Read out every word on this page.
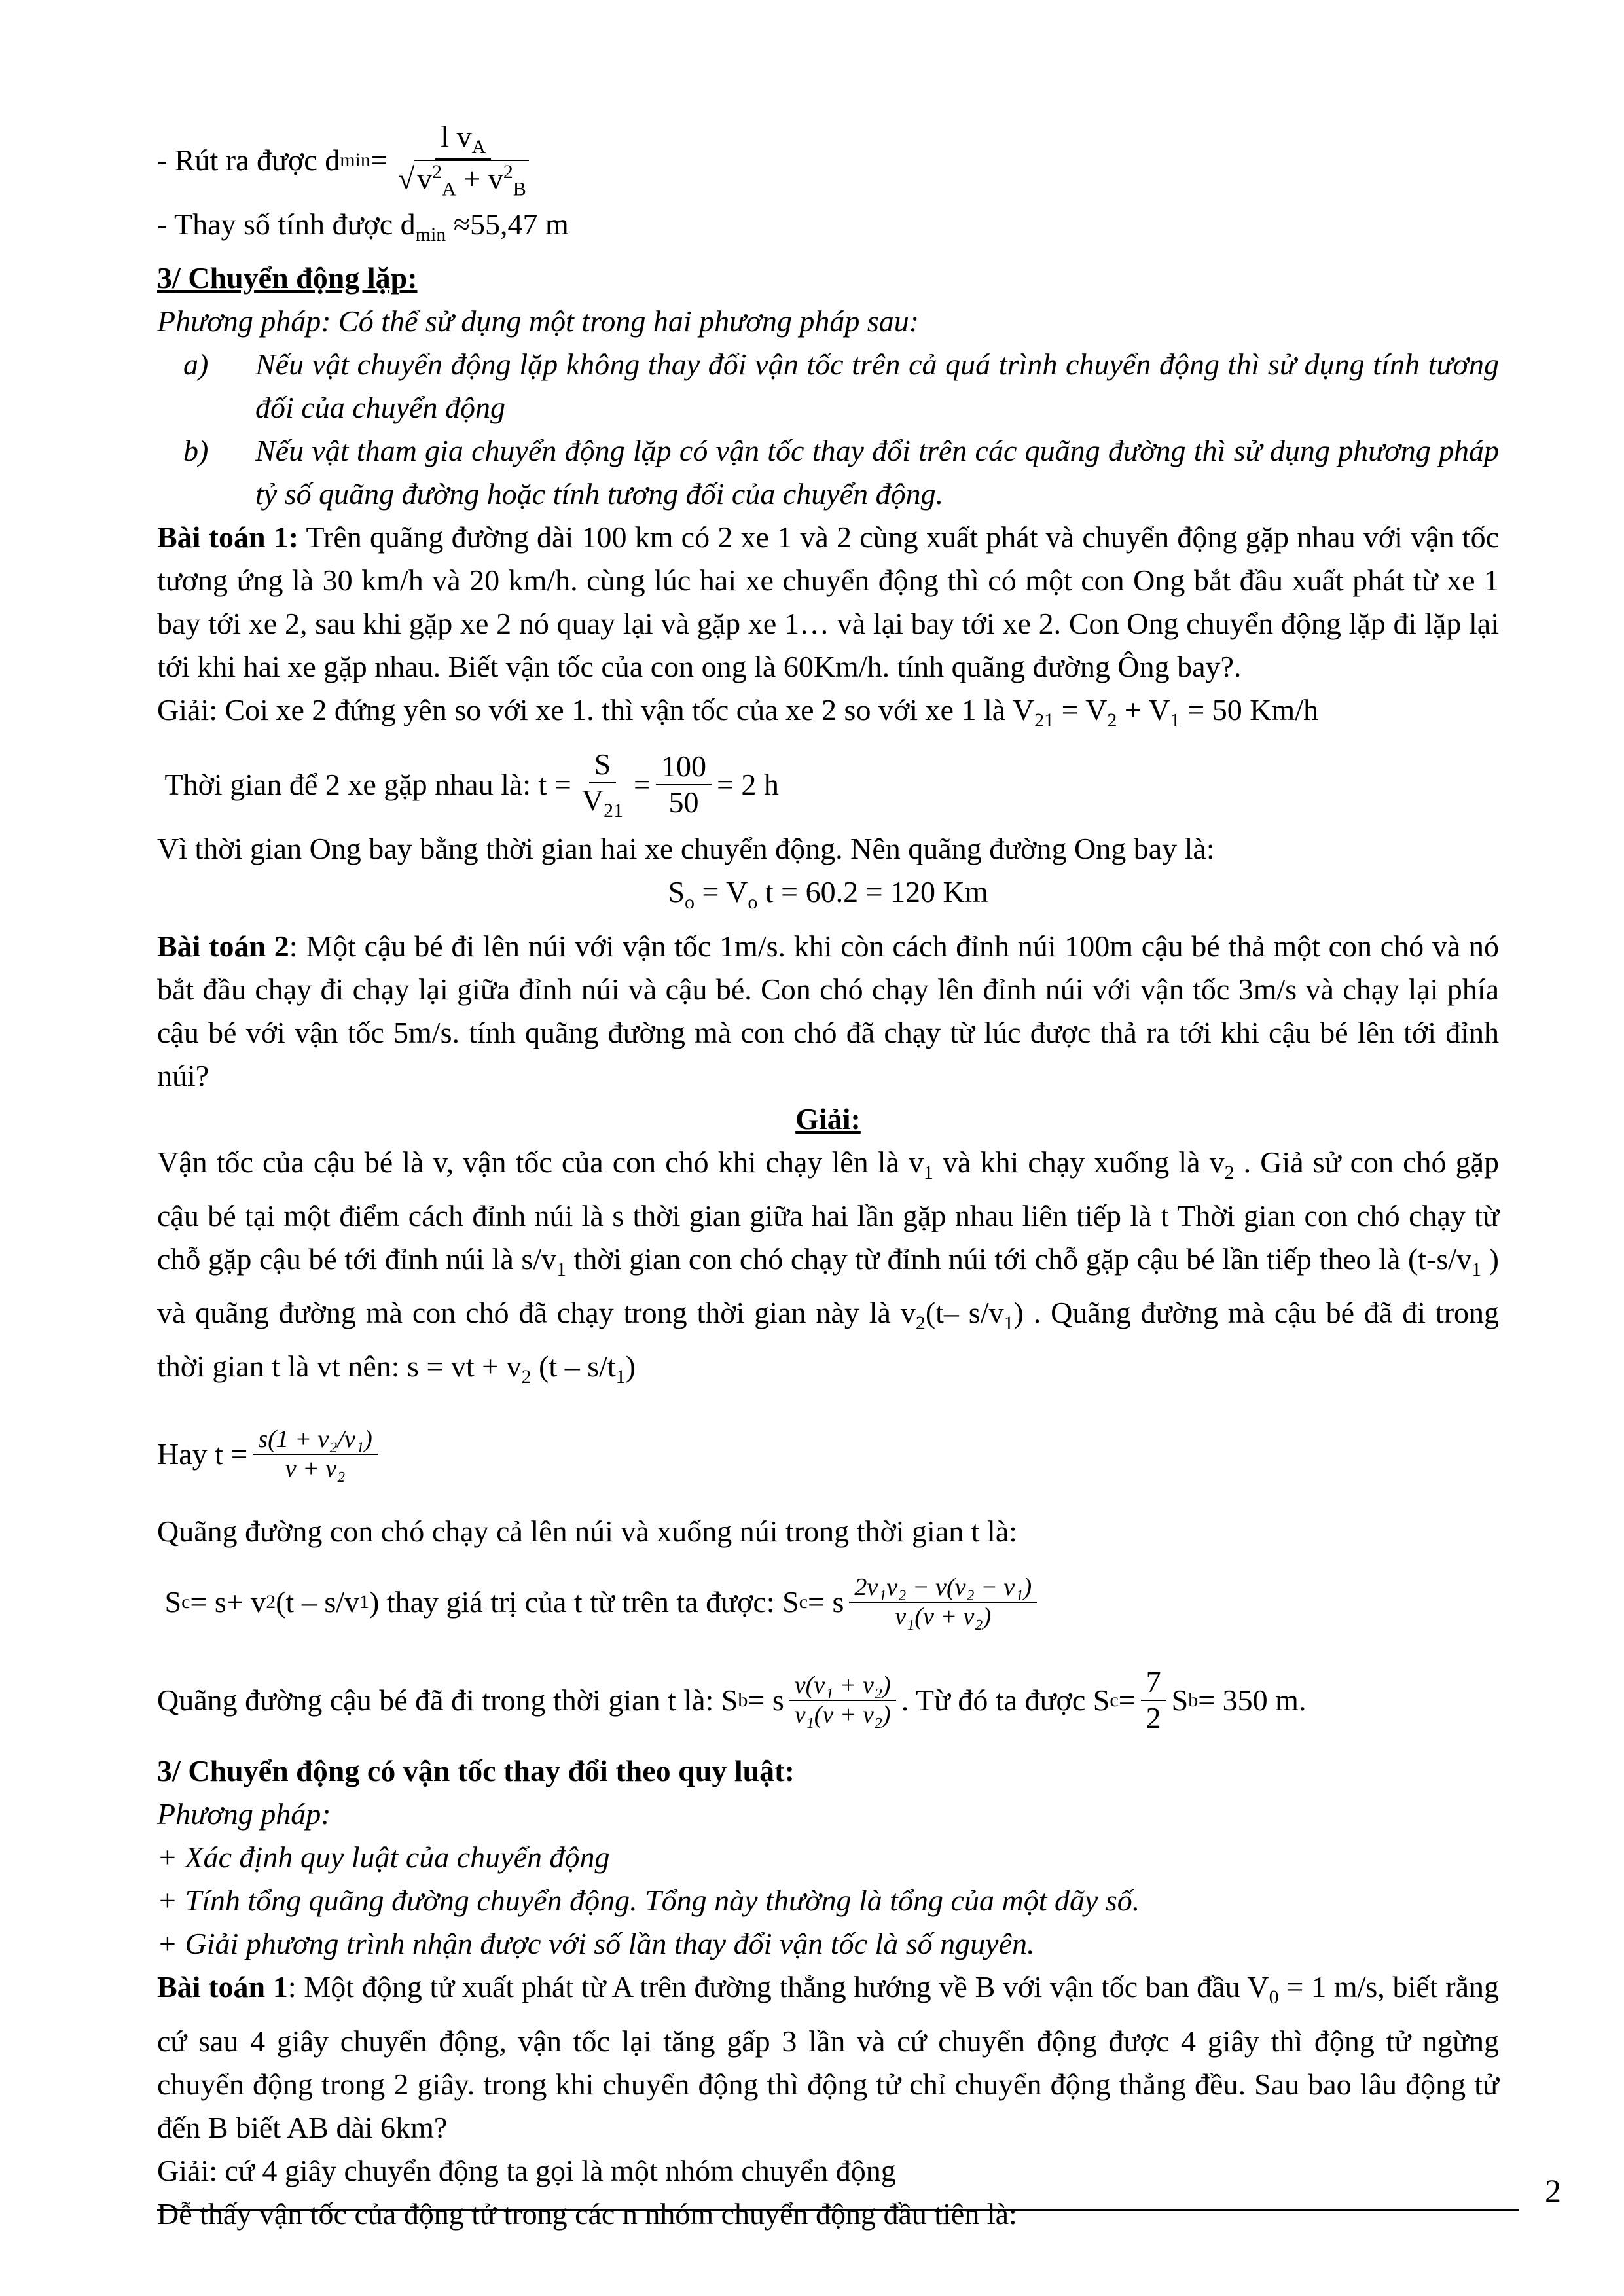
- Rút ra được d $\min = \frac{l v_A}{√v^2_A + v^2_B}$

- Thay số tính được $d_{min} \approx 55,47$ m

3/ Chuyển động lặp:

Phương pháp: Có thể sử dụng một trong hai phương pháp sau:

a) Nếu vật chuyển động lặp không thay đổi vận tốc trên cả quá trình chuyển động thì sử dụng tính tương đối của chuyển động

b) Nếu vật tham gia chuyển động lặp có vận tốc thay đổi trên các quãng đường thì sử dụng phương pháp tỷ số quãng đường hoặc tính tương đối của chuyển động.

Bài toán 1: Trên quãng đường dài 100 km có 2 xe 1 và 2 cùng xuất phát và chuyển động gặp nhau với vận tốc tương ứng là 30 km/h và 20 km/h. cùng lúc hai xe chuyển động thì có một con Ong bắt đầu xuất phát từ xe 1 bay tới xe 2, sau khi gặp xe 2 nó quay lại và gặp xe 1… và lại bay tới xe 2. Con Ong chuyển động lặp đi lặp lại tới khi hai xe gặp nhau. Biết vận tốc của con ong là 60Km/h. tính quãng đường Ông bay?.

Giải: Coi xe 2 đứng yên so với xe 1. thì vận tốc của xe 2 so với xe 1 là $V_{21} = V_2 + V_1 = 50$ Km/h

Thời gian để 2 xe gặp nhau là: $t = \frac{S}{V_{21}} = \frac{100}{50} = 2$ h

Vì thời gian Ong bay bằng thời gian hai xe chuyển động. Nên quãng đường Ong bay là:

$S_o = V_o$ t = 60.2 = 120 Km

Bài toán 2: Một cậu bé đi lên núi với vận tốc 1m/s. khi còn cách đỉnh núi 100m cậu bé thả một con chó và nó bắt đầu chạy đi chạy lại giữa đỉnh núi và cậu bé. Con chó chạy lên đỉnh núi với vận tốc 3m/s và chạy lại phía cậu bé với vận tốc 5m/s. tính quãng đường mà con chó đã chạy từ lúc được thả ra tới khi cậu bé lên tới đỉnh núi?

Giải:

Vận tốc của cậu bé là v, vận tốc của con chó khi chạy lên là $v_1$ và khi chạy xuống là $v_2$ . Giả sử con chó gặp cậu bé tại một điểm cách đỉnh núi là s thời gian giữa hai lần gặp nhau liên tiếp là t Thời gian con chó chạy từ chỗ gặp cậu bé tới đỉnh núi là $s/v_1$ thời gian con chó chạy từ đỉnh núi tới chỗ gặp cậu bé lần tiếp theo là ($t-s/v_1$ ) và quãng đường mà con chó đã chạy trong thời gian này là $v_2(t-$ $s/v_1$) . Quãng đường mà cậu bé đã đi trong thời gian t là vt nên: s = vt + $v_2$ $(t - s/t_1)$

Hay $t = \frac{\text{s(1 + v₂/v₁)}}{\text{v + v₂}}$

Quãng đường con chó chạy cả lên núi và xuống núi trong thời gian t là:

S c = s+ v 2 (t – s/v 1 ) thay giá trị của t từ trên ta được: S c = s $\frac{\text{2v₁v₂ − v(v₂ − v₁)}}{\text{v₁(v + v₂)}}$

Quãng đường cậu bé đã đi trong thời gian t là: S b = s $\frac{\text{v(v₁ + v₂)}}{\text{v₁(v + v₂)}}$ . Từ đó ta được S $c = \frac{7}{2}$ S b = 350 m.

3/ Chuyển động có vận tốc thay đổi theo quy luật:

Phương pháp:

+ Xác định quy luật của chuyển động

+ Tính tổng quãng đường chuyển động. Tổng này thường là tổng của một dãy số.

+ Giải phương trình nhận được với số lần thay đổi vận tốc là số nguyên.

Bài toán 1: Một động tử xuất phát từ A trên đường thẳng hướng về B với vận tốc ban đầu $V_0 = 1$ m/s, biết rằng cứ sau 4 giây chuyển động, vận tốc lại tăng gấp 3 lần và cứ chuyển động được 4 giây thì động tử ngừng chuyển động trong 2 giây. trong khi chuyển động thì động tử chỉ chuyển động thẳng đều. Sau bao lâu động tử đến B biết AB dài 6km?

Giải: cứ 4 giây chuyển động ta gọi là một nhóm chuyển động

Dễ thấy vận tốc của động tử trong các n nhóm chuyển động đầu tiên là:

2
